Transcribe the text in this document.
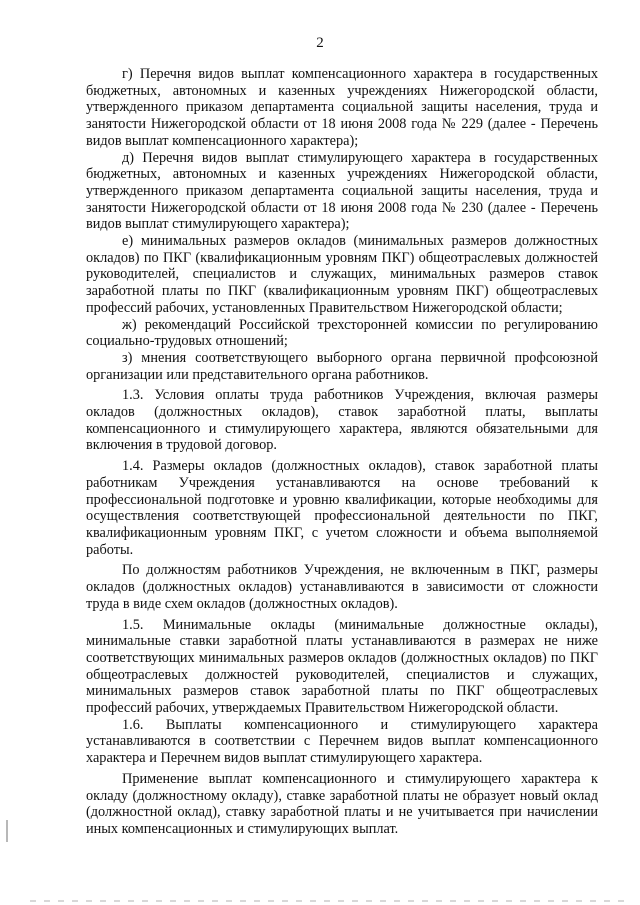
2

г) Перечня видов выплат компенсационного характера в государственных бюджетных, автономных и казенных учреждениях Нижегородской области, утвержденного приказом департамента социальной защиты населения, труда и занятости Нижегородской области от 18 июня 2008 года № 229 (далее - Перечень видов выплат компенсационного характера);

д) Перечня видов выплат стимулирующего характера в государственных бюджетных, автономных и казенных учреждениях Нижегородской области, утвержденного приказом департамента социальной защиты населения, труда и занятости Нижегородской области от 18 июня 2008 года № 230 (далее - Перечень видов выплат стимулирующего характера);

е) минимальных размеров окладов (минимальных размеров должностных окладов) по ПКГ (квалификационным уровням ПКГ) общеотраслевых должностей руководителей, специалистов и служащих, минимальных размеров ставок заработной платы по ПКГ (квалификационным уровням ПКГ) общеотраслевых профессий рабочих, установленных Правительством Нижегородской области;

ж) рекомендаций Российской трехсторонней комиссии по регулированию социально-трудовых отношений;

з) мнения соответствующего выборного органа первичной профсоюзной организации или представительного органа работников.

1.3. Условия оплаты труда работников Учреждения, включая размеры окладов (должностных окладов), ставок заработной платы, выплаты компенсационного и стимулирующего характера, являются обязательными для включения в трудовой договор.

1.4. Размеры окладов (должностных окладов), ставок заработной платы работникам Учреждения устанавливаются на основе требований к профессиональной подготовке и уровню квалификации, которые необходимы для осуществления соответствующей профессиональной деятельности по ПКГ, квалификационным уровням ПКГ, с учетом сложности и объема выполняемой работы.

По должностям работников Учреждения, не включенным в ПКГ, размеры окладов (должностных окладов) устанавливаются в зависимости от сложности труда в виде схем окладов (должностных окладов).

1.5. Минимальные оклады (минимальные должностные оклады), минимальные ставки заработной платы устанавливаются в размерах не ниже соответствующих минимальных размеров окладов (должностных окладов) по ПКГ общеотраслевых должностей руководителей, специалистов и служащих, минимальных размеров ставок заработной платы по ПКГ общеотраслевых профессий рабочих, утверждаемых Правительством Нижегородской области.

1.6. Выплаты компенсационного и стимулирующего характера устанавливаются в соответствии с Перечнем видов выплат компенсационного характера и Перечнем видов выплат стимулирующего характера.

Применение выплат компенсационного и стимулирующего характера к окладу (должностному окладу), ставке заработной платы не образует новый оклад (должностной оклад), ставку заработной платы и не учитывается при начислении иных компенсационных и стимулирующих выплат.
